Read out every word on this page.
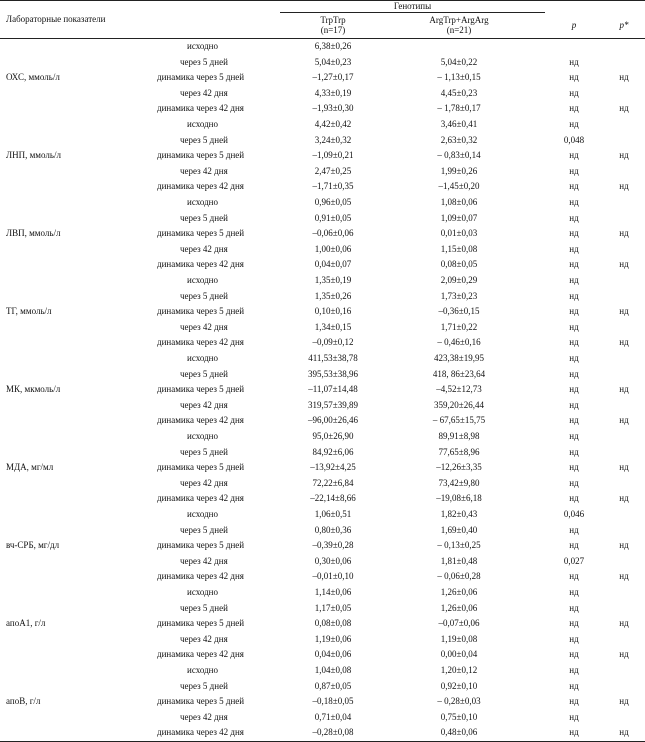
Лабораторные показатели
Генотипы
TrpTrp
(n=17)
ArgTrp+ArgArg
(n=21)	p	p*
ОХС, ммоль/л
исходно	6,38±0,26
через 5 дней	5,04±0,23	5,04±0,22	нд
динамика через 5 дней	–1,27±0,17	– 1,13±0,15	нд	нд
через 42 дня	4,33±0,19	4,45±0,23	нд
динамика через 42 дня	–1,93±0,30	– 1,78±0,17	нд	нд
ЛНП, ммоль/л
исходно	4,42±0,42	3,46±0,41	нд
через 5 дней	3,24±0,32	2,63±0,32	0,048
динамика через 5 дней	–1,09±0,21	– 0,83±0,14	нд	нд
через 42 дня	2,47±0,25	1,99±0,26	нд
динамика через 42 дня	–1,71±0,35	–1,45±0,20	нд	нд
ЛВП, ммоль/л
исходно	0,96±0,05	1,08±0,06	нд
через 5 дней	0,91±0,05	1,09±0,07	нд
динамика через 5 дней	–0,06±0,06	0,01±0,03	нд	нд
через 42 дня	1,00±0,06	1,15±0,08	нд
динамика через 42 дня	0,04±0,07	0,08±0,05	нд	нд
ТГ, ммоль/л
исходно	1,35±0,19	2,09±0,29	нд
через 5 дней	1,35±0,26	1,73±0,23	нд
динамика через 5 дней	0,10±0,16	–0,36±0,15	нд	нд
через 42 дня	1,34±0,15	1,71±0,22	нд
динамика через 42 дня	–0,09±0,12	– 0,46±0,16	нд	нд
МК, мкмоль/л
исходно	411,53±38,78	423,38±19,95	нд
через 5 дней	395,53±38,96	418, 86±23,64	нд
динамика через 5 дней	–11,07±14,48	–4,52±12,73	нд	нд
через 42 дня	319,57±39,89	359,20±26,44	нд
динамика через 42 дня	–96,00±26,46	– 67,65±15,75	нд	нд
МДА, мг/мл
исходно	95,0±26,90	89,91±8,98	нд
через 5 дней	84,92±6,06	77,65±8,96	нд
динамика через 5 дней	–13,92±4,25	–12,26±3,35	нд	нд
через 42 дня	72,22±6,84	73,42±9,80	нд
динамика через 42 дня	–22,14±8,66	–19,08±6,18	нд	нд
вч-СРБ, мг/дл
исходно	1,06±0,51	1,82±0,43	0,046
через 5 дней	0,80±0,36	1,69±0,40	нд
динамика через 5 дней	–0,39±0,28	– 0,13±0,25	нд	нд
через 42 дня	0,30±0,06	1,81±0,48	0,027
динамика через 42 дня	–0,01±0,10	– 0,06±0,28	нд	нд
апоА1, г/л
исходно	1,14±0,06	1,26±0,06	нд
через 5 дней	1,17±0,05	1,26±0,06	нд
динамика через 5 дней	0,08±0,08	–0,07±0,06	нд	нд
через 42 дня	1,19±0,06	1,19±0,08	нд
динамика через 42 дня	0,04±0,06	0,00±0,04	нд	нд
апоВ, г/л
исходно	1,04±0,08	1,20±0,12	нд
через 5 дней	0,87±0,05	0,92±0,10	нд
динамика через 5 дней	–0,18±0,05	– 0,28±0,03	нд	нд
через 42 дня	0,71±0,04	0,75±0,10	нд
динамика через 42 дня	–0,28±0,08	0,48±0,06	нд	нд
